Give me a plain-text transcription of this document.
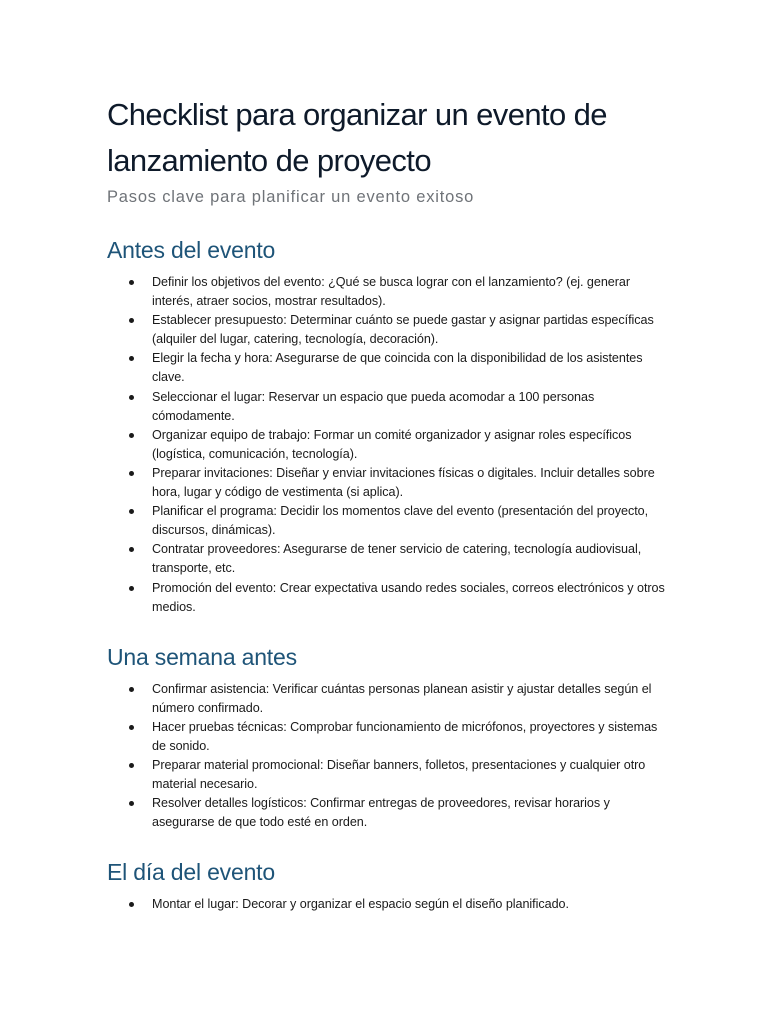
Checklist para organizar un evento de lanzamiento de proyecto

Pasos clave para planificar un evento exitoso

Antes del evento
Definir los objetivos del evento: ¿Qué se busca lograr con el lanzamiento? (ej. generar interés, atraer socios, mostrar resultados).
Establecer presupuesto: Determinar cuánto se puede gastar y asignar partidas específicas (alquiler del lugar, catering, tecnología, decoración).
Elegir la fecha y hora: Asegurarse de que coincida con la disponibilidad de los asistentes clave.
Seleccionar el lugar: Reservar un espacio que pueda acomodar a 100 personas cómodamente.
Organizar equipo de trabajo: Formar un comité organizador y asignar roles específicos (logística, comunicación, tecnología).
Preparar invitaciones: Diseñar y enviar invitaciones físicas o digitales. Incluir detalles sobre hora, lugar y código de vestimenta (si aplica).
Planificar el programa: Decidir los momentos clave del evento (presentación del proyecto, discursos, dinámicas).
Contratar proveedores: Asegurarse de tener servicio de catering, tecnología audiovisual, transporte, etc.
Promoción del evento: Crear expectativa usando redes sociales, correos electrónicos y otros medios.
Una semana antes
Confirmar asistencia: Verificar cuántas personas planean asistir y ajustar detalles según el número confirmado.
Hacer pruebas técnicas: Comprobar funcionamiento de micrófonos, proyectores y sistemas de sonido.
Preparar material promocional: Diseñar banners, folletos, presentaciones y cualquier otro material necesario.
Resolver detalles logísticos: Confirmar entregas de proveedores, revisar horarios y asegurarse de que todo esté en orden.
El día del evento
Montar el lugar: Decorar y organizar el espacio según el diseño planificado.
